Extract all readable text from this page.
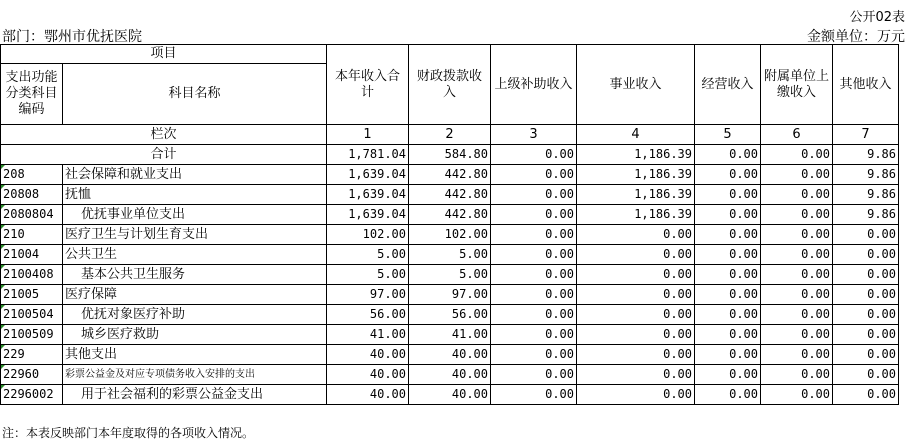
公开02表
部门：鄂州市优抚医院	金额单位：万元
项目		本年收入合计	财政拨款收入	上级补助收入	事业收入	经营收入	附属单位上缴收入	其他收入
支出功能分类科目编码	科目名称							
栏次		1	2	3	4	5	6	7
合计		1,781.04	584.80	0.00	1,186.39	0.00	0.00	9.86

208	社会保障和就业支出	1,639.04	442.80	0.00	1,186.39	0.00	0.00	9.86

20808	抚恤	1,639.04	442.80	0.00	1,186.39	0.00	0.00	9.86

2080804	优抚事业单位支出	1,639.04	442.80	0.00	1,186.39	0.00	0.00	9.86

210	医疗卫生与计划生育支出	102.00	102.00	0.00	0.00	0.00	0.00	0.00

21004	公共卫生	5.00	5.00	0.00	0.00	0.00	0.00	0.00

2100408	基本公共卫生服务	5.00	5.00	0.00	0.00	0.00	0.00	0.00

21005	医疗保障	97.00	97.00	0.00	0.00	0.00	0.00	0.00

2100504	优抚对象医疗补助	56.00	56.00	0.00	0.00	0.00	0.00	0.00

2100509	城乡医疗救助	41.00	41.00	0.00	0.00	0.00	0.00	0.00

229	其他支出	40.00	40.00	0.00	0.00	0.00	0.00	0.00

22960	彩票公益金及对应专项债务收入安排的支出	40.00	40.00	0.00	0.00	0.00	0.00	0.00

2296002	用于社会福利的彩票公益金支出	40.00	40.00	0.00	0.00	0.00	0.00	0.00
注：本表反映部门本年度取得的各项收入情况。
